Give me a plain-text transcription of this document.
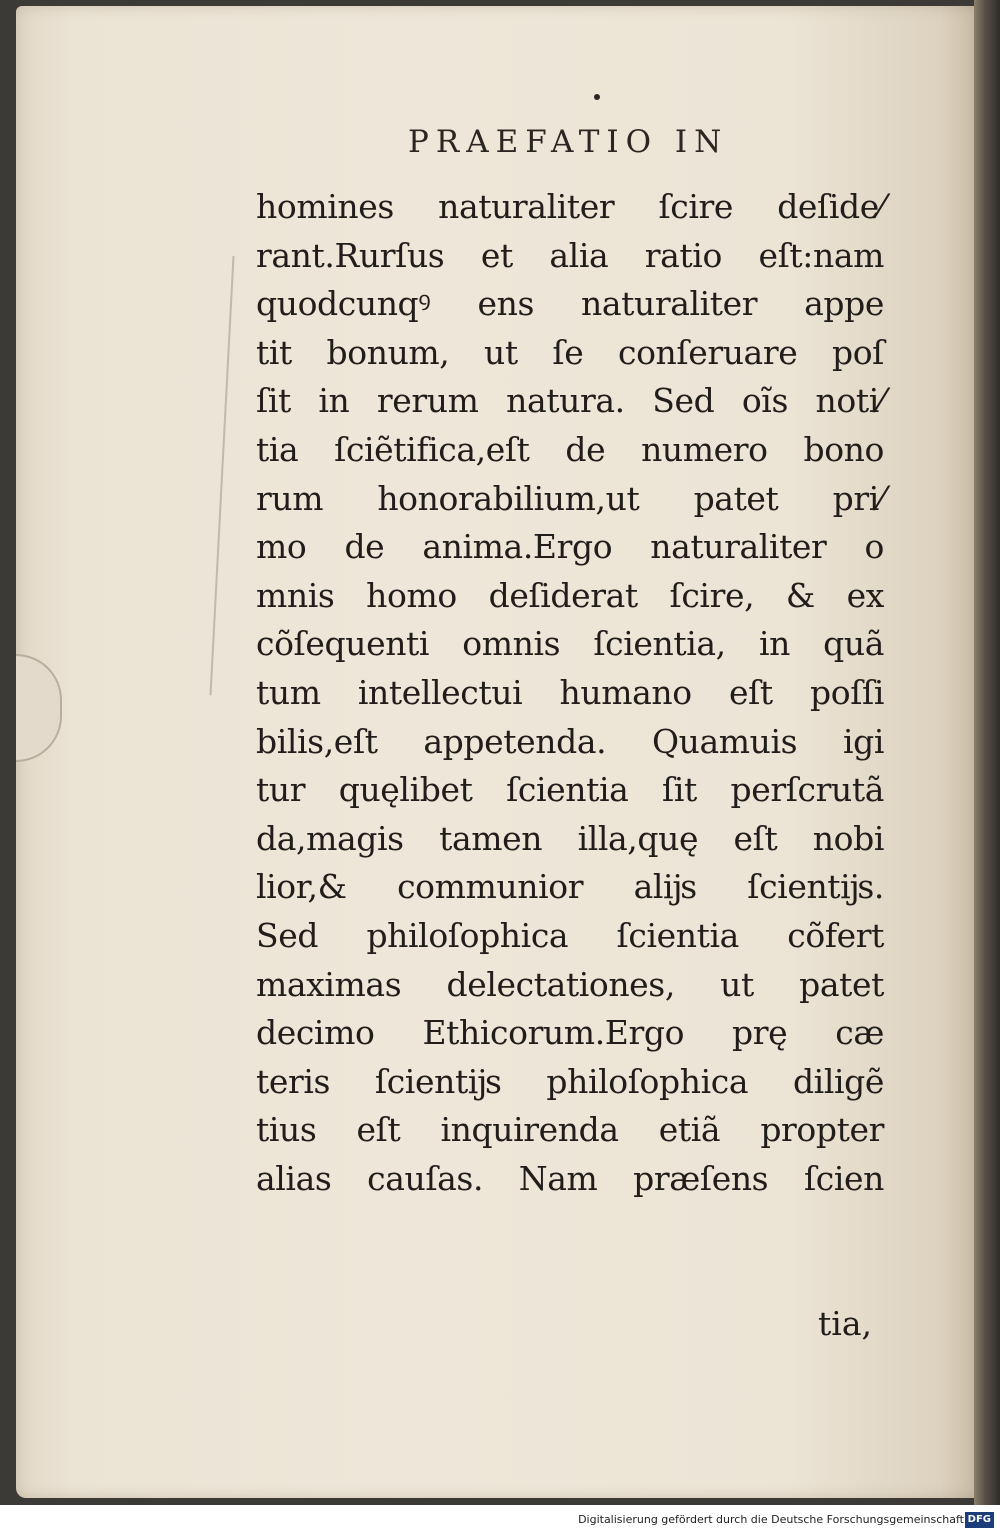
PRAEFATIO IN
homines naturaliter ſcire deſide⁄
rant.Rurſus et alia ratio eſt:nam
quodcunqꝰ ens naturaliter appe
tit bonum, ut ſe conſeruare poſ
ſit in rerum natura. Sed oı̃s noti⁄
tia ſciẽtifica,eſt de numero bono
rum honorabilium,ut patet pri⁄
mo de anima.Ergo naturaliter o
mnis homo deſiderat ſcire, & ex
cõſequenti omnis ſcientia, in quã
tum intellectui humano eſt poſſi
bilis,eſt appetenda. Quamuis igi
tur quęlibet ſcientia ſit perſcrutã
da,magis tamen illa,quę eſt nobi
lior,& communior alĳs ſcientĳs.
Sed philoſophica ſcientia cõfert
maximas delectationes, ut patet
decimo Ethicorum.Ergo prę cæ
teris ſcientĳs philoſophica diligẽ
tius eſt inquirenda etiã propter
alias cauſas. Nam præſens ſcien
tia,
Digitalisierung gefördert durch die Deutsche Forschungsgemeinschaft DFG
